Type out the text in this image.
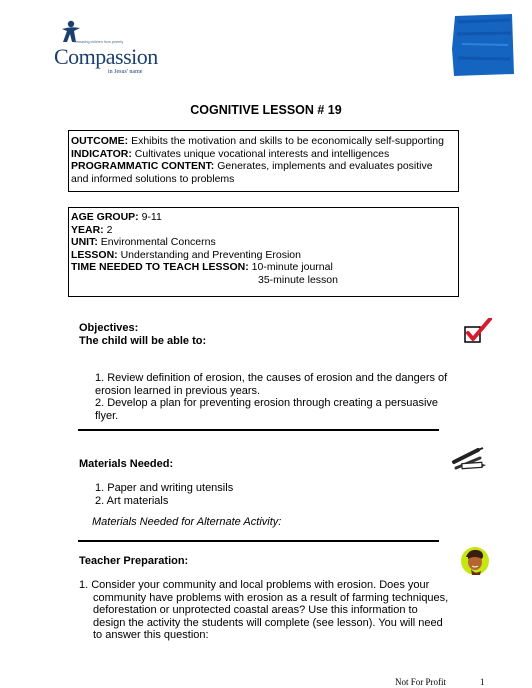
Releasing children from poverty
Compassion
in Jesus' name
COGNITIVE LESSON # 19
OUTCOME: Exhibits the motivation and skills to be economically self-supporting
INDICATOR: Cultivates unique vocational interests and intelligences
PROGRAMMATIC CONTENT: Generates, implements and evaluates positive
and informed solutions to problems
AGE GROUP: 9-11
YEAR: 2
UNIT: Environmental Concerns
LESSON: Understanding and Preventing Erosion
TIME NEEDED TO TEACH LESSON: 10-minute journal
35-minute lesson
Objectives:
The child will be able to:
1. Review definition of erosion, the causes of erosion and the dangers of
erosion learned in previous years.
2. Develop a plan for preventing erosion through creating a persuasive
flyer.
Materials Needed:
1. Paper and writing utensils
2. Art materials
Materials Needed for Alternate Activity:
Teacher Preparation:
1. Consider your community and local problems with erosion. Does your
community have problems with erosion as a result of farming techniques,
deforestation or unprotected coastal areas? Use this information to
design the activity the students will complete (see lesson). You will need
to answer this question:
Not For Profit	1
